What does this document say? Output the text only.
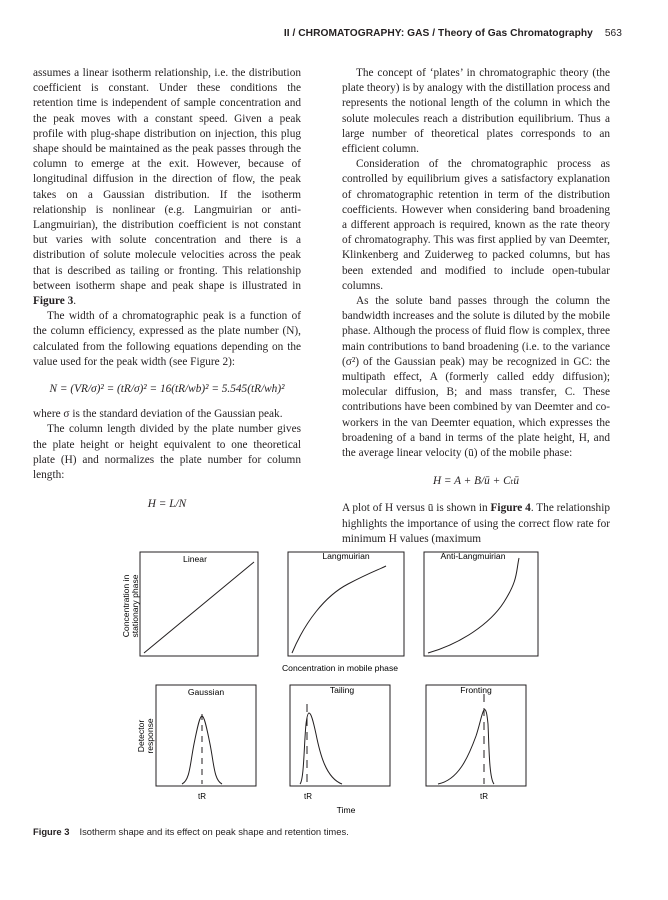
II / CHROMATOGRAPHY: GAS / Theory of Gas Chromatography 563

assumes a linear isotherm relationship, i.e. the distribution coefficient is constant. Under these conditions the retention time is independent of sample concentration and the peak moves with a constant speed. Given a peak profile with plug-shape distribution on injection, this plug shape should be maintained as the peak passes through the column to emerge at the exit. However, because of longitudinal diffusion in the direction of flow, the peak takes on a Gaussian distribution. If the isotherm relationship is nonlinear (e.g. Langmuirian or anti-Langmuirian), the distribution coefficient is not constant but varies with solute concentration and there is a distribution of solute molecule velocities across the peak that is described as tailing or fronting. This relationship between isotherm shape and peak shape is illustrated in Figure 3.

The width of a chromatographic peak is a function of the column efficiency, expressed as the plate number (N), calculated from the following equations depending on the value used for the peak width (see Figure 2):

N = (VR/σ)² = (tR/σ)² = 16(tR/wb)² = 5.545(tR/wh)²

where σ is the standard deviation of the Gaussian peak.

The column length divided by the plate number gives the plate height or height equivalent to one theoretical plate (H) and normalizes the plate number for column length:

H = L/N

The concept of ‘plates’ in chromatographic theory (the plate theory) is by analogy with the distillation process and represents the notional length of the column in which the solute molecules reach a distribution equilibrium. Thus a large number of theoretical plates corresponds to an efficient column.

Consideration of the chromatographic process as controlled by equilibrium gives a satisfactory explanation of chromatographic retention in term of the distribution coefficients. However when considering band broadening a different approach is required, known as the rate theory of chromatography. This was first applied by van Deemter, Klinkenberg and Zuiderweg to packed columns, but has been extended and modified to include open-tubular columns.

As the solute band passes through the column the bandwidth increases and the solute is diluted by the mobile phase. Although the process of fluid flow is complex, three main contributions to band broadening (i.e. to the variance (σ²) of the Gaussian peak) may be recognized in GC: the multipath effect, A (formerly called eddy diffusion); molecular diffusion, B; and mass transfer, C. These contributions have been combined by van Deemter and co-workers in the van Deemter equation, which expresses the broadening of a band in terms of the plate height, H, and the average linear velocity (ū) of the mobile phase:

H = A + B/ū + Cₜū

A plot of H versus ū is shown in Figure 4. The relationship highlights the importance of using the correct flow rate for minimum H values (maximum

Linear	Langmuirian	Anti-Langmuirian
Concentration in stationary phase
Concentration in mobile phase
Gaussian	Tailing	Fronting
Detector response
tR	tR	tR
Time
Figure 3 Isotherm shape and its effect on peak shape and retention times.
